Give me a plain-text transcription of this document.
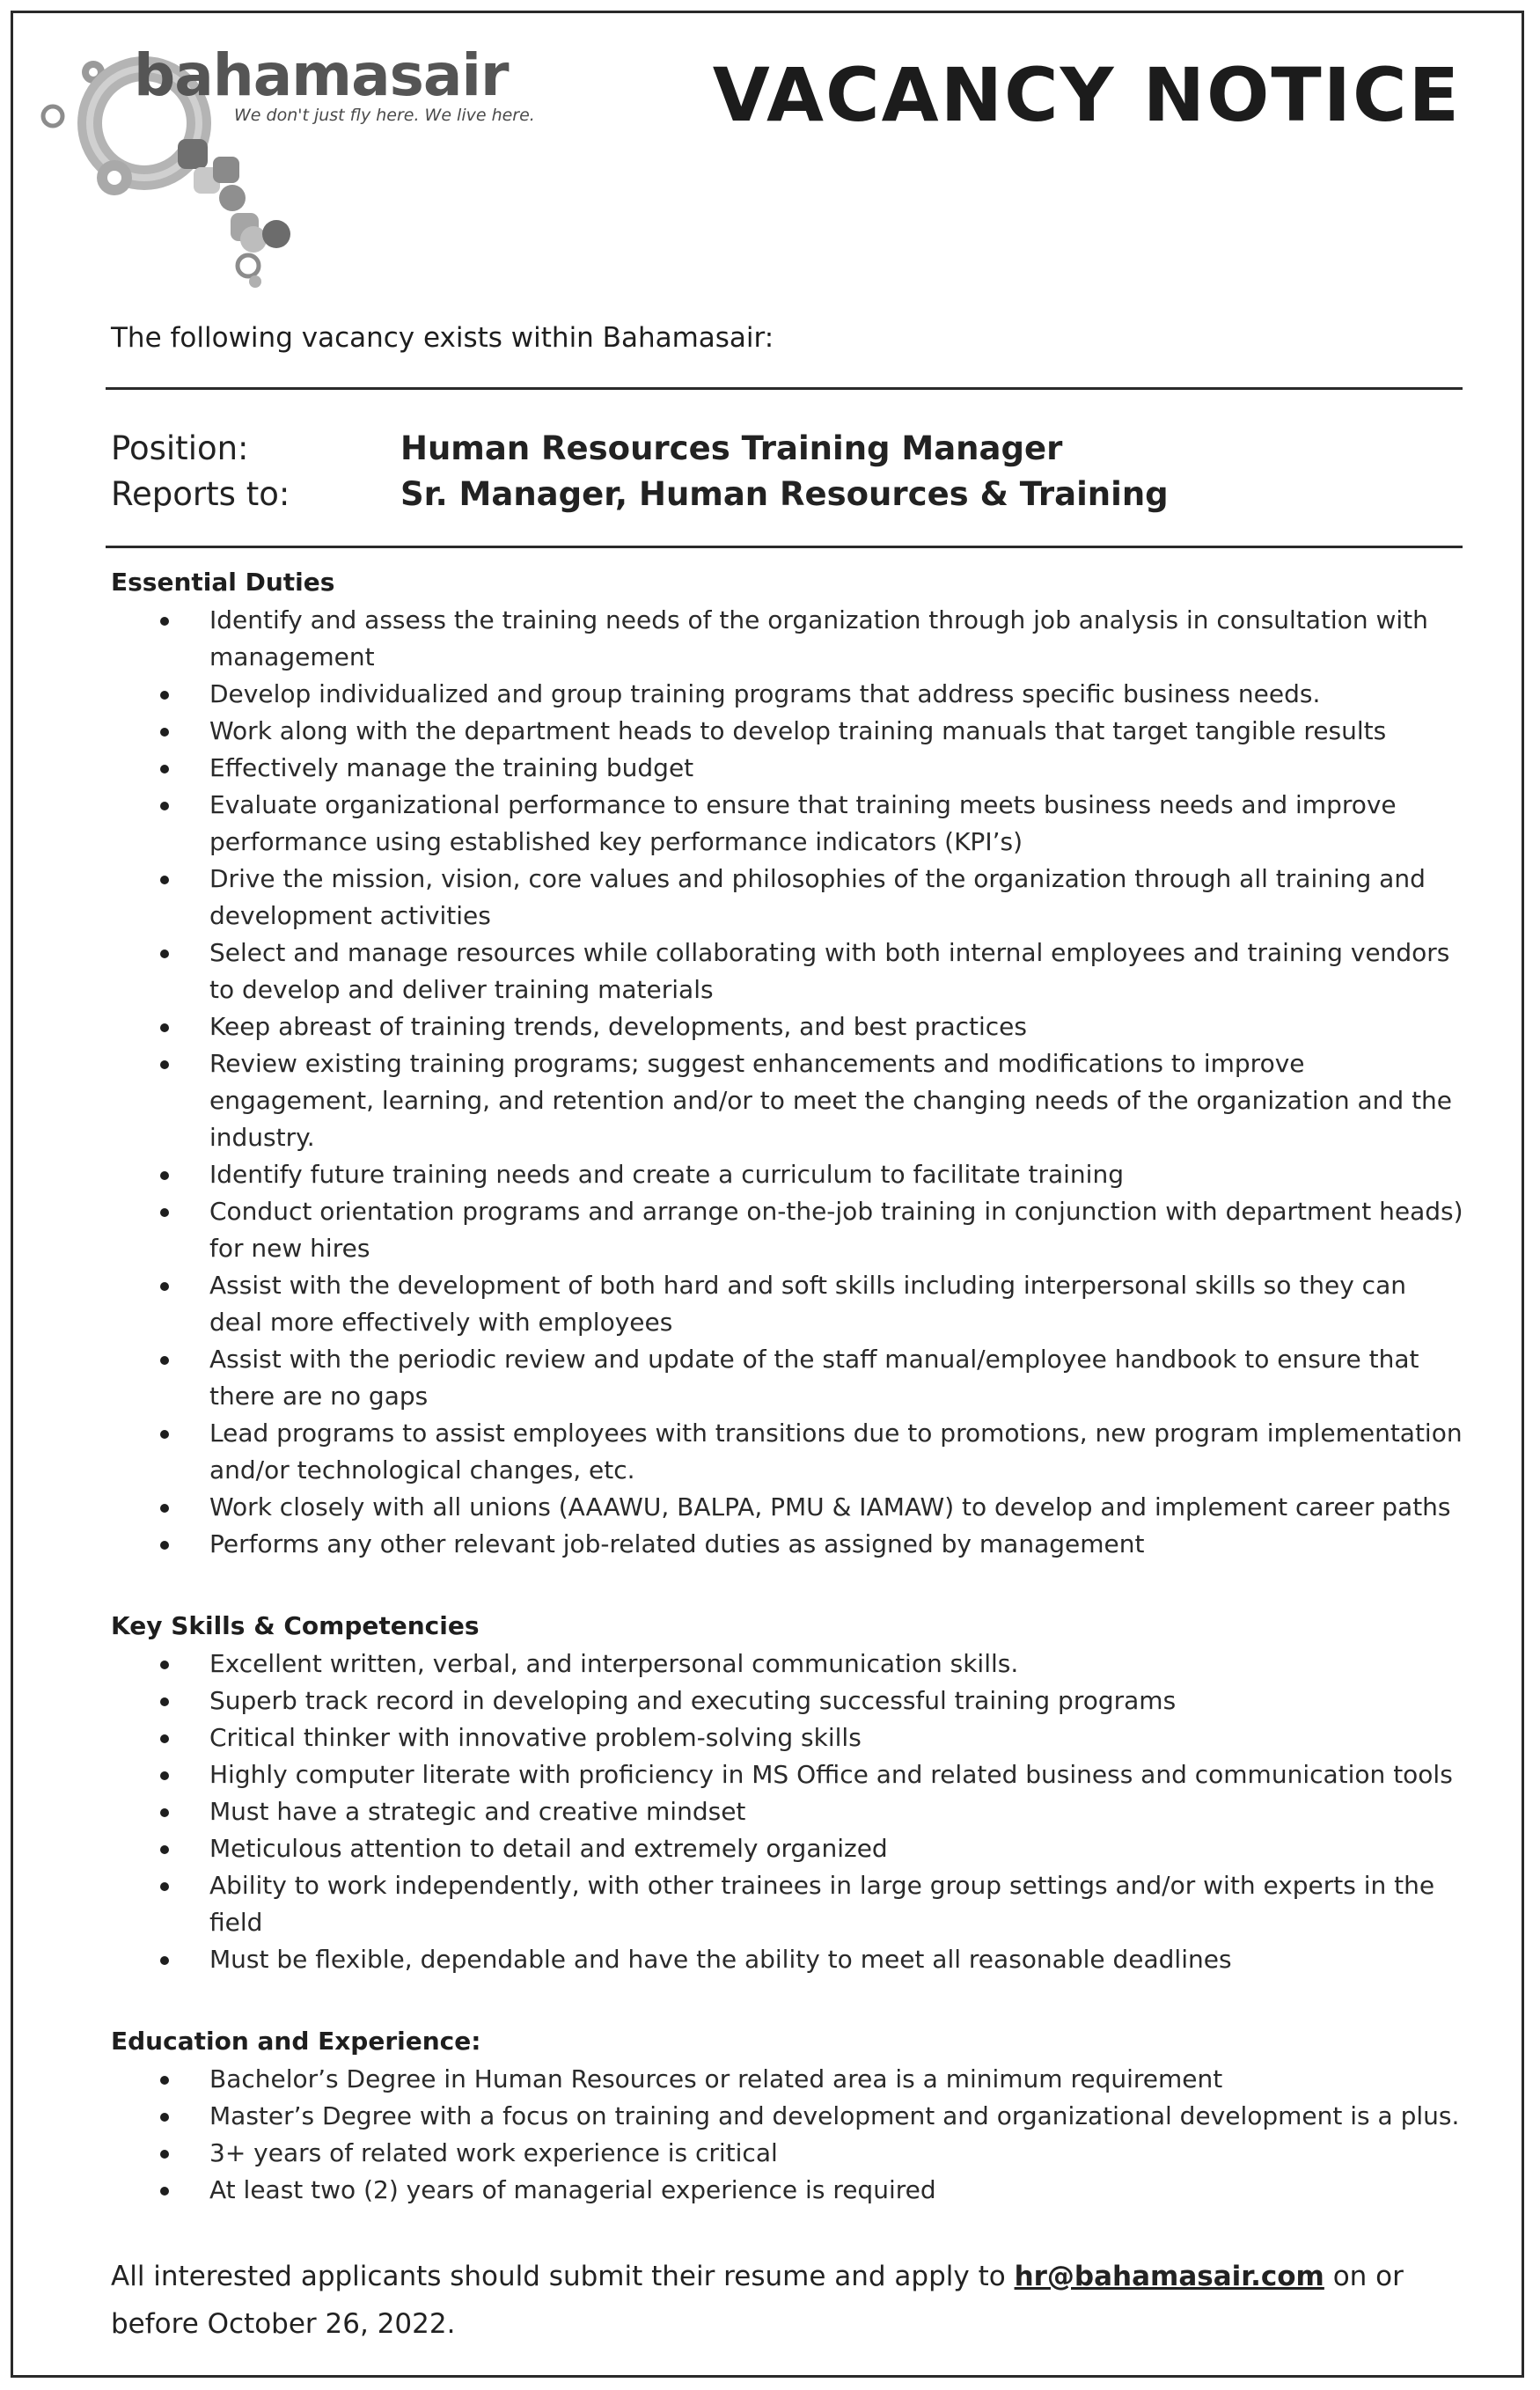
bahamasair
We don't just fly here. We live here. VACANCY NOTICE

The following vacancy exists within Bahamasair:

Position:	Human Resources Training Manager
Reports to:	Sr. Manager, Human Resources & Training
Essential Duties
Identify and assess the training needs of the organization through job analysis in consultation with management
Develop individualized and group training programs that address specific business needs.
Work along with the department heads to develop training manuals that target tangible results
Effectively manage the training budget
Evaluate organizational performance to ensure that training meets business needs and improve performance using established key performance indicators (KPI’s)
Drive the mission, vision, core values and philosophies of the organization through all training and development activities
Select and manage resources while collaborating with both internal employees and training vendors to develop and deliver training materials
Keep abreast of training trends, developments, and best practices
Review existing training programs; suggest enhancements and modifications to improve engagement, learning, and retention and/or to meet the changing needs of the organization and the industry.
Identify future training needs and create a curriculum to facilitate training
Conduct orientation programs and arrange on-the-job training in conjunction with department heads) for new hires
Assist with the development of both hard and soft skills including interpersonal skills so they can deal more effectively with employees
Assist with the periodic review and update of the staff manual/employee handbook to ensure that there are no gaps
Lead programs to assist employees with transitions due to promotions, new program implementation and/or technological changes, etc.
Work closely with all unions (AAAWU, BALPA, PMU & IAMAW) to develop and implement career paths
Performs any other relevant job-related duties as assigned by management
Key Skills & Competencies
Excellent written, verbal, and interpersonal communication skills.
Superb track record in developing and executing successful training programs
Critical thinker with innovative problem-solving skills
Highly computer literate with proficiency in MS Office and related business and communication tools
Must have a strategic and creative mindset
Meticulous attention to detail and extremely organized
Ability to work independently, with other trainees in large group settings and/or with experts in the field
Must be flexible, dependable and have the ability to meet all reasonable deadlines
Education and Experience:
Bachelor’s Degree in Human Resources or related area is a minimum requirement
Master’s Degree with a focus on training and development and organizational development is a plus.
3+ years of related work experience is critical
At least two (2) years of managerial experience is required

All interested applicants should submit their resume and apply to hr@bahamasair.com on or before October 26, 2022.
